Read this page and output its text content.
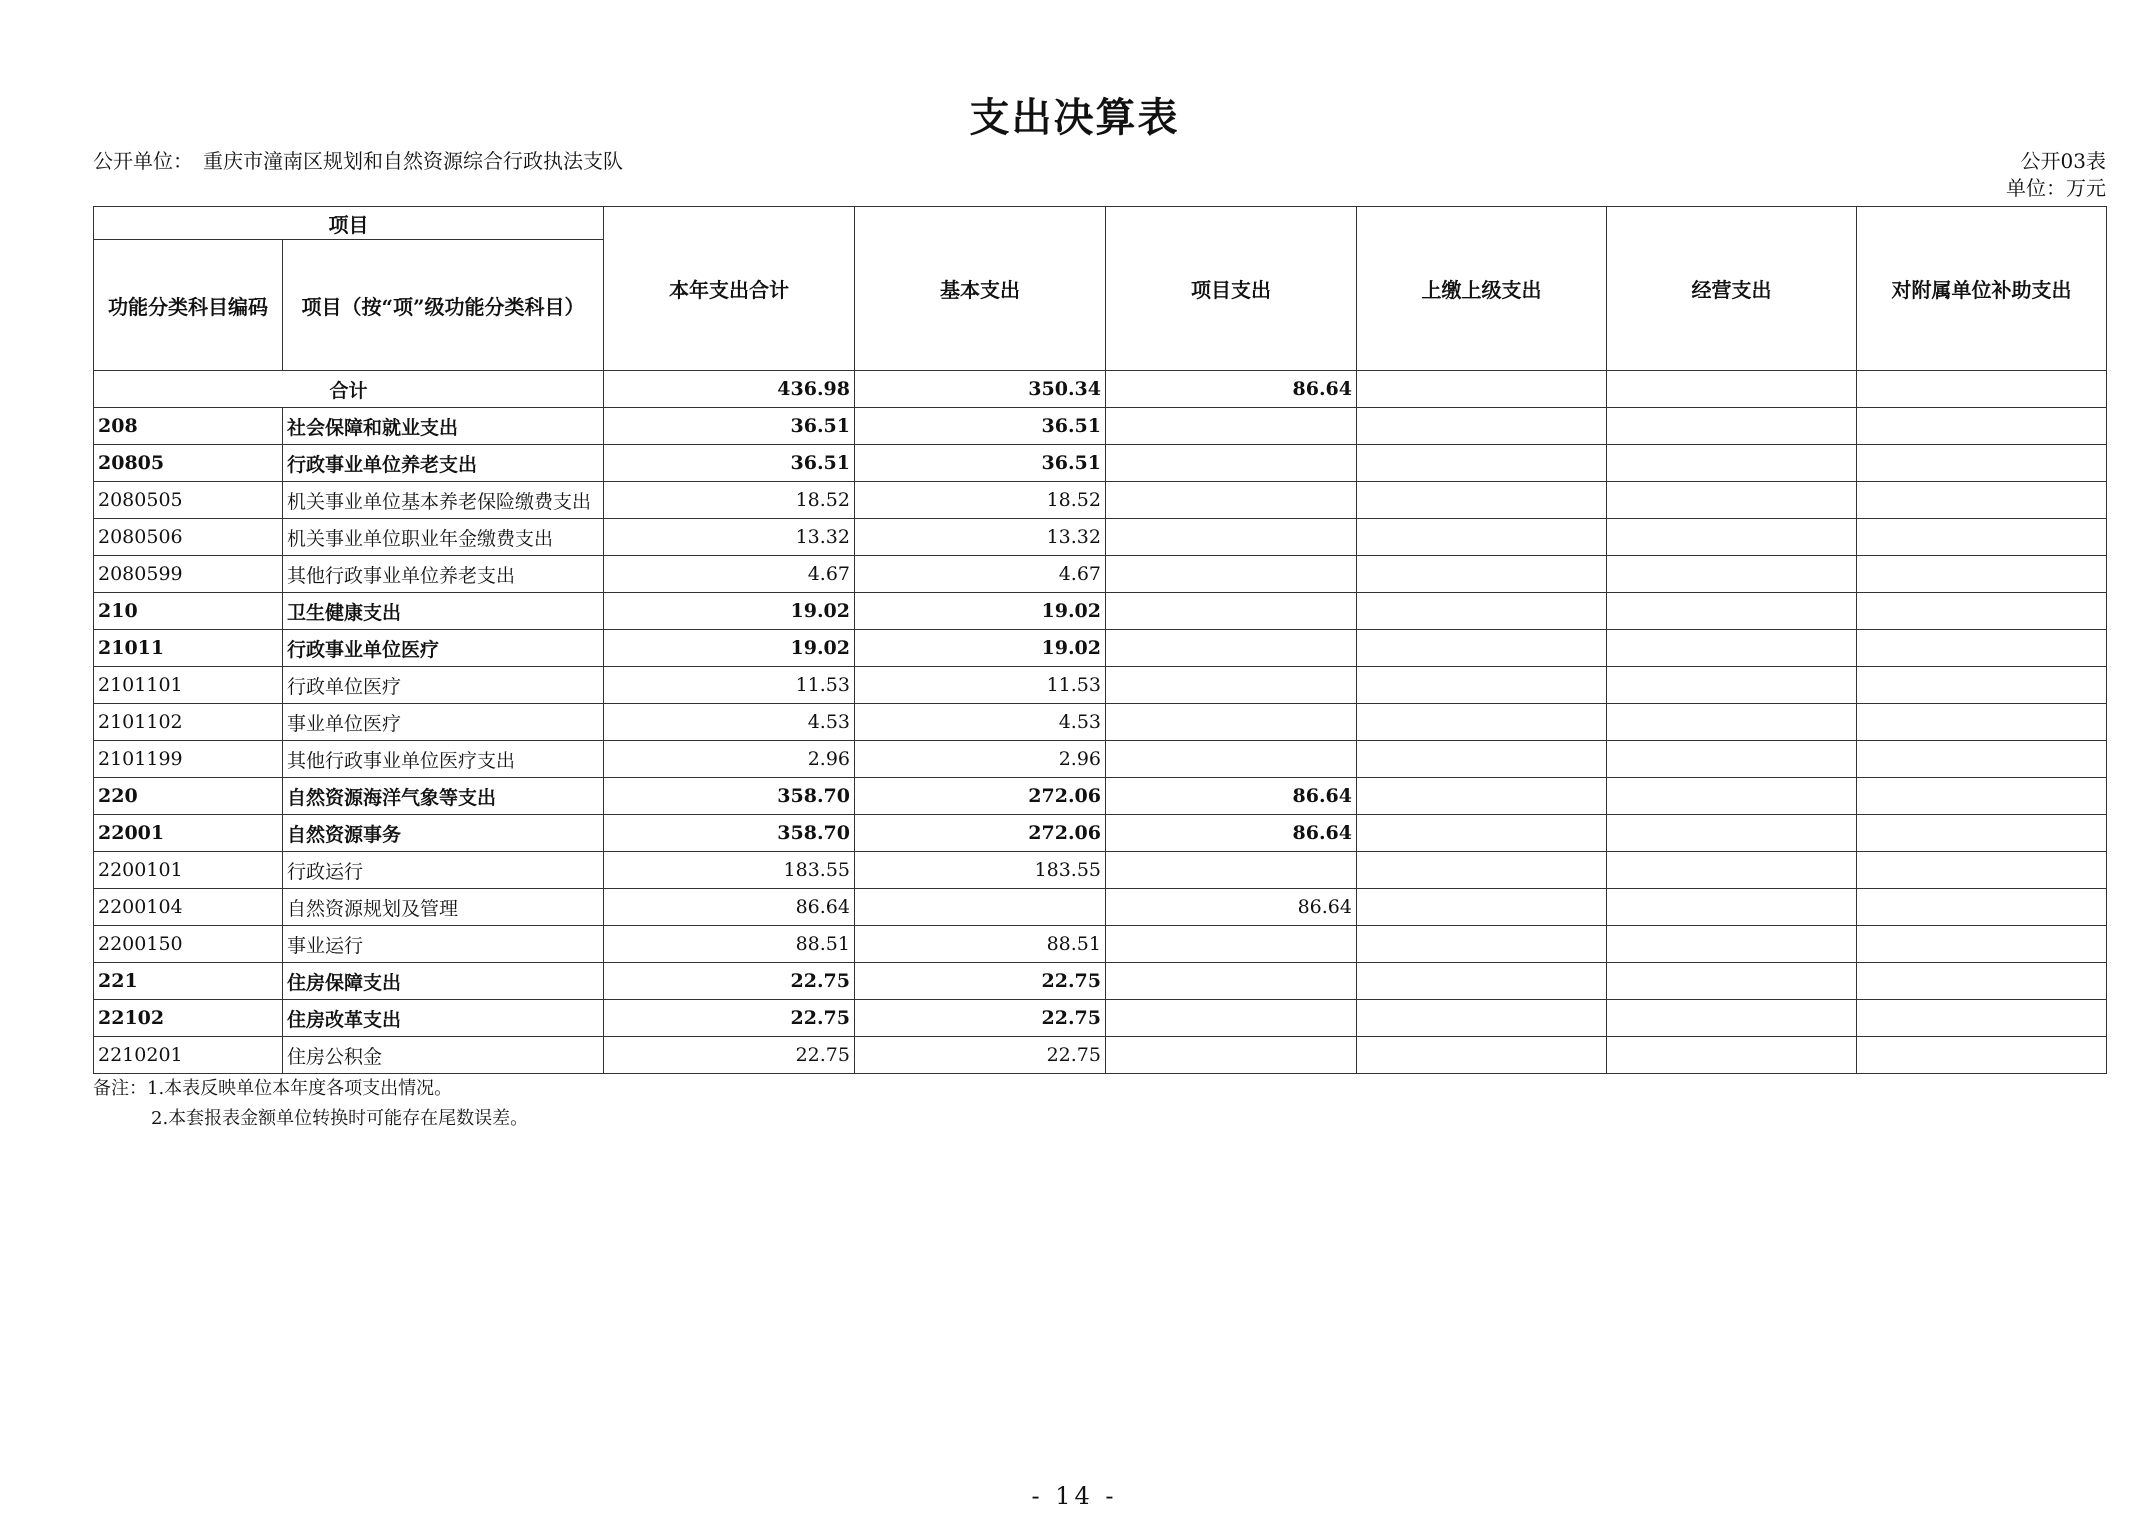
支出决算表
公开单位： 重庆市潼南区规划和自然资源综合行政执法支队	公开03表
单位：万元
项目		本年支出合计	基本支出	项目支出	上缴上级支出	经营支出	对附属单位补助支出
功能分类科目编码	项目（按“项”级功能分类科目）						
合计		436.98	350.34	86.64			
208	社会保障和就业支出	36.51	36.51				
20805	行政事业单位养老支出	36.51	36.51				
2080505	机关事业单位基本养老保险缴费支出	18.52	18.52				
2080506	机关事业单位职业年金缴费支出	13.32	13.32				
2080599	其他行政事业单位养老支出	4.67	4.67				
210	卫生健康支出	19.02	19.02				
21011	行政事业单位医疗	19.02	19.02				
2101101	行政单位医疗	11.53	11.53				
2101102	事业单位医疗	4.53	4.53				
2101199	其他行政事业单位医疗支出	2.96	2.96				
220	自然资源海洋气象等支出	358.70	272.06	86.64			
22001	自然资源事务	358.70	272.06	86.64			
2200101	行政运行	183.55	183.55				
2200104	自然资源规划及管理	86.64		86.64			
2200150	事业运行	88.51	88.51				
221	住房保障支出	22.75	22.75				
22102	住房改革支出	22.75	22.75				
2210201	住房公积金	22.75	22.75				
备注：1.本表反映单位本年度各项支出情况。
2.本套报表金额单位转换时可能存在尾数误差。
- 14 -
